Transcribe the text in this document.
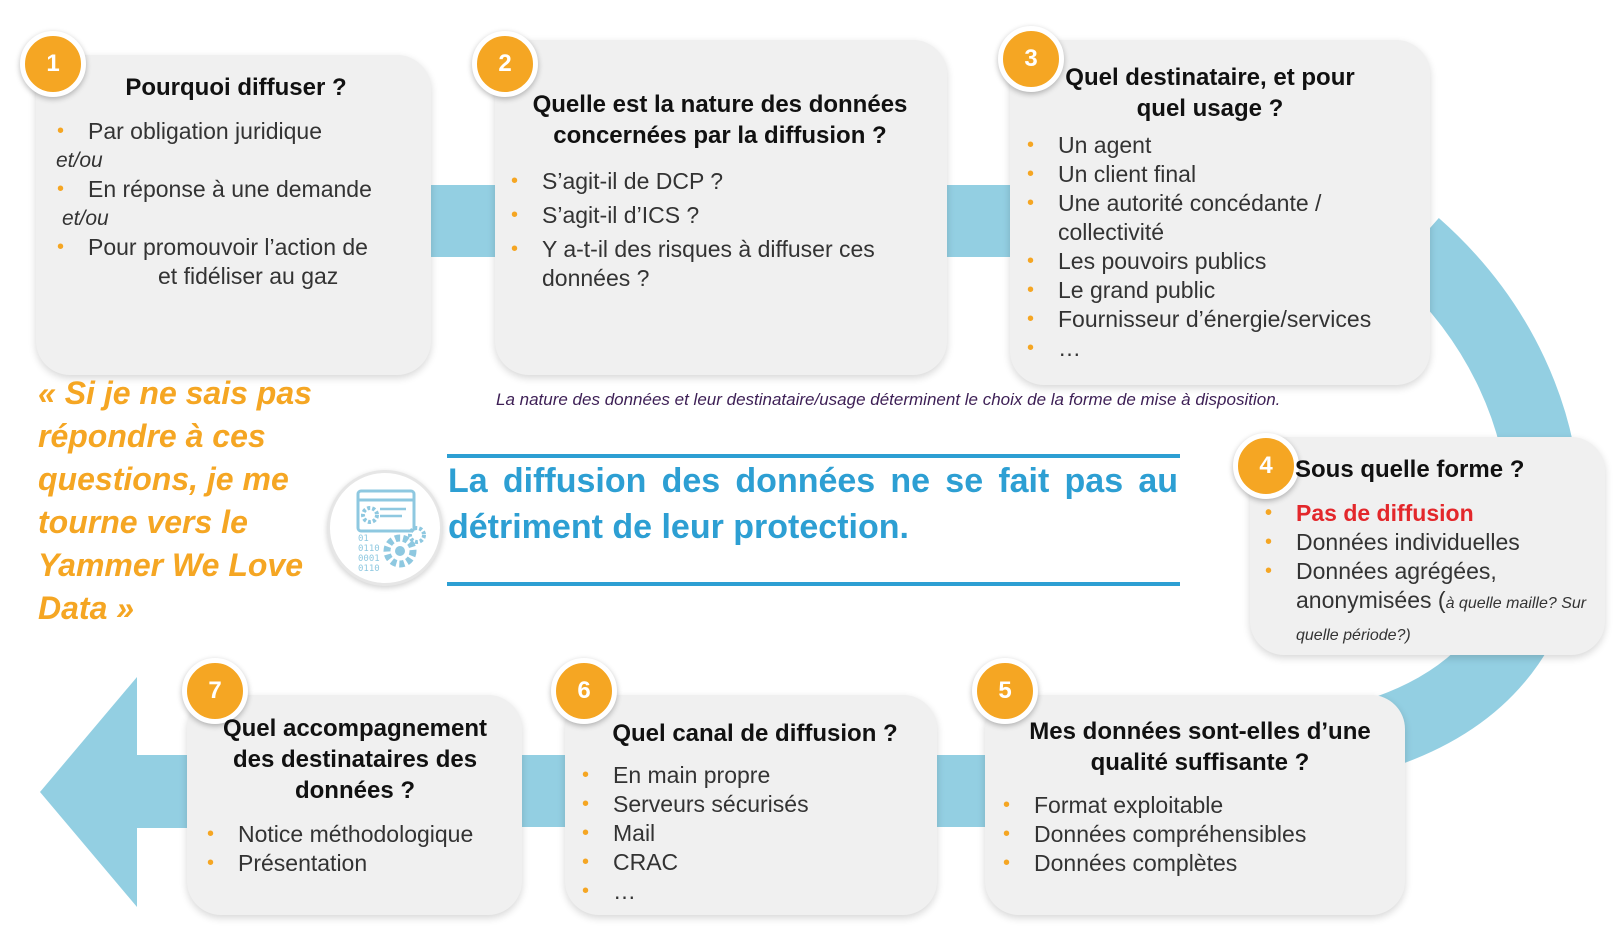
1
Pourquoi diffuser ?
• Par obligation juridique
et/ou
• En réponse à une demande
et/ou
• Pour promouvoir l’action de
et fidéliser au gaz
2
Quelle est la nature des données concernées par la diffusion ?
• S’agit-il de DCP ?
• S’agit-il d’ICS ?
• Y a-t-il des risques à diffuser ces données ?
3
Quel destinataire, et pour quel usage ?
• Un agent
• Un client final
• Une autorité concédante / collectivité
• Les pouvoirs publics
• Le grand public
• Fournisseur d’énergie/services
• …
La nature des données et leur destinataire/usage déterminent le choix de la forme de mise à disposition.
4 Sous quelle forme ?
• Pas de diffusion
• Données individuelles
• Données agrégées, anonymisées (à quelle maille? Sur quelle période?)
5
Mes données sont-elles d’une qualité suffisante ?
• Format exploitable
• Données compréhensibles
• Données complètes
6
Quel canal de diffusion ?
• En main propre
• Serveurs sécurisés
• Mail
• CRAC
• …
7
Quel accompagnement des destinataires des données ?
• Notice méthodologique
• Présentation
« Si je ne sais pas répondre à ces questions, je me tourne vers le Yammer We Love Data »
01
0110
0001
0110
La diffusion des données ne se fait pas au détriment de leur protection.
